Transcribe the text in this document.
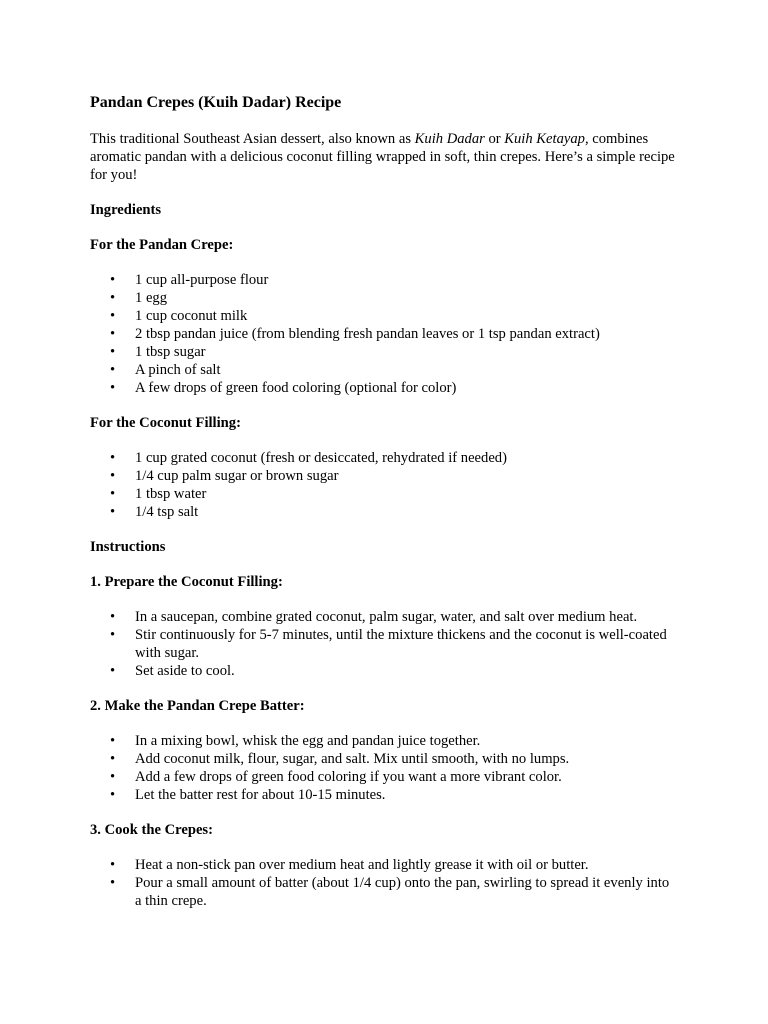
Pandan Crepes (Kuih Dadar) Recipe

This traditional Southeast Asian dessert, also known as Kuih Dadar or Kuih Ketayap, combines aromatic pandan with a delicious coconut filling wrapped in soft, thin crepes. Here’s a simple recipe for you!

Ingredients

For the Pandan Crepe:

• 1 cup all-purpose flour
• 1 egg
• 1 cup coconut milk
• 2 tbsp pandan juice (from blending fresh pandan leaves or 1 tsp pandan extract)
• 1 tbsp sugar
• A pinch of salt
• A few drops of green food coloring (optional for color)

For the Coconut Filling:

• 1 cup grated coconut (fresh or desiccated, rehydrated if needed)
• 1/4 cup palm sugar or brown sugar
• 1 tbsp water
• 1/4 tsp salt

Instructions

1. Prepare the Coconut Filling:

• In a saucepan, combine grated coconut, palm sugar, water, and salt over medium heat.
• Stir continuously for 5-7 minutes, until the mixture thickens and the coconut is well-coated with sugar.
• Set aside to cool.

2. Make the Pandan Crepe Batter:

• In a mixing bowl, whisk the egg and pandan juice together.
• Add coconut milk, flour, sugar, and salt. Mix until smooth, with no lumps.
• Add a few drops of green food coloring if you want a more vibrant color.
• Let the batter rest for about 10-15 minutes.

3. Cook the Crepes:

• Heat a non-stick pan over medium heat and lightly grease it with oil or butter.
• Pour a small amount of batter (about 1/4 cup) onto the pan, swirling to spread it evenly into a thin crepe.
